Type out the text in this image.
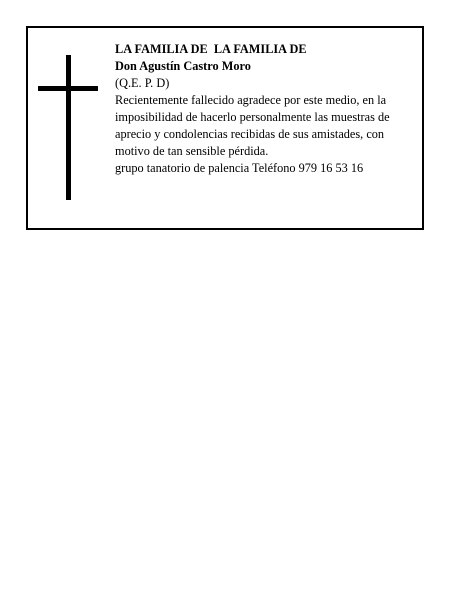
LA FAMILIA DE  LA FAMILIA DE

Don Agustín Castro Moro

(Q.E. P. D)

Recientemente fallecido agradece por este medio, en la imposibilidad de hacerlo personalmente las muestras de aprecio y condolencias recibidas de sus amistades, con motivo de tan sensible pérdida.

grupo tanatorio de palencia Teléfono 979 16 53 16
